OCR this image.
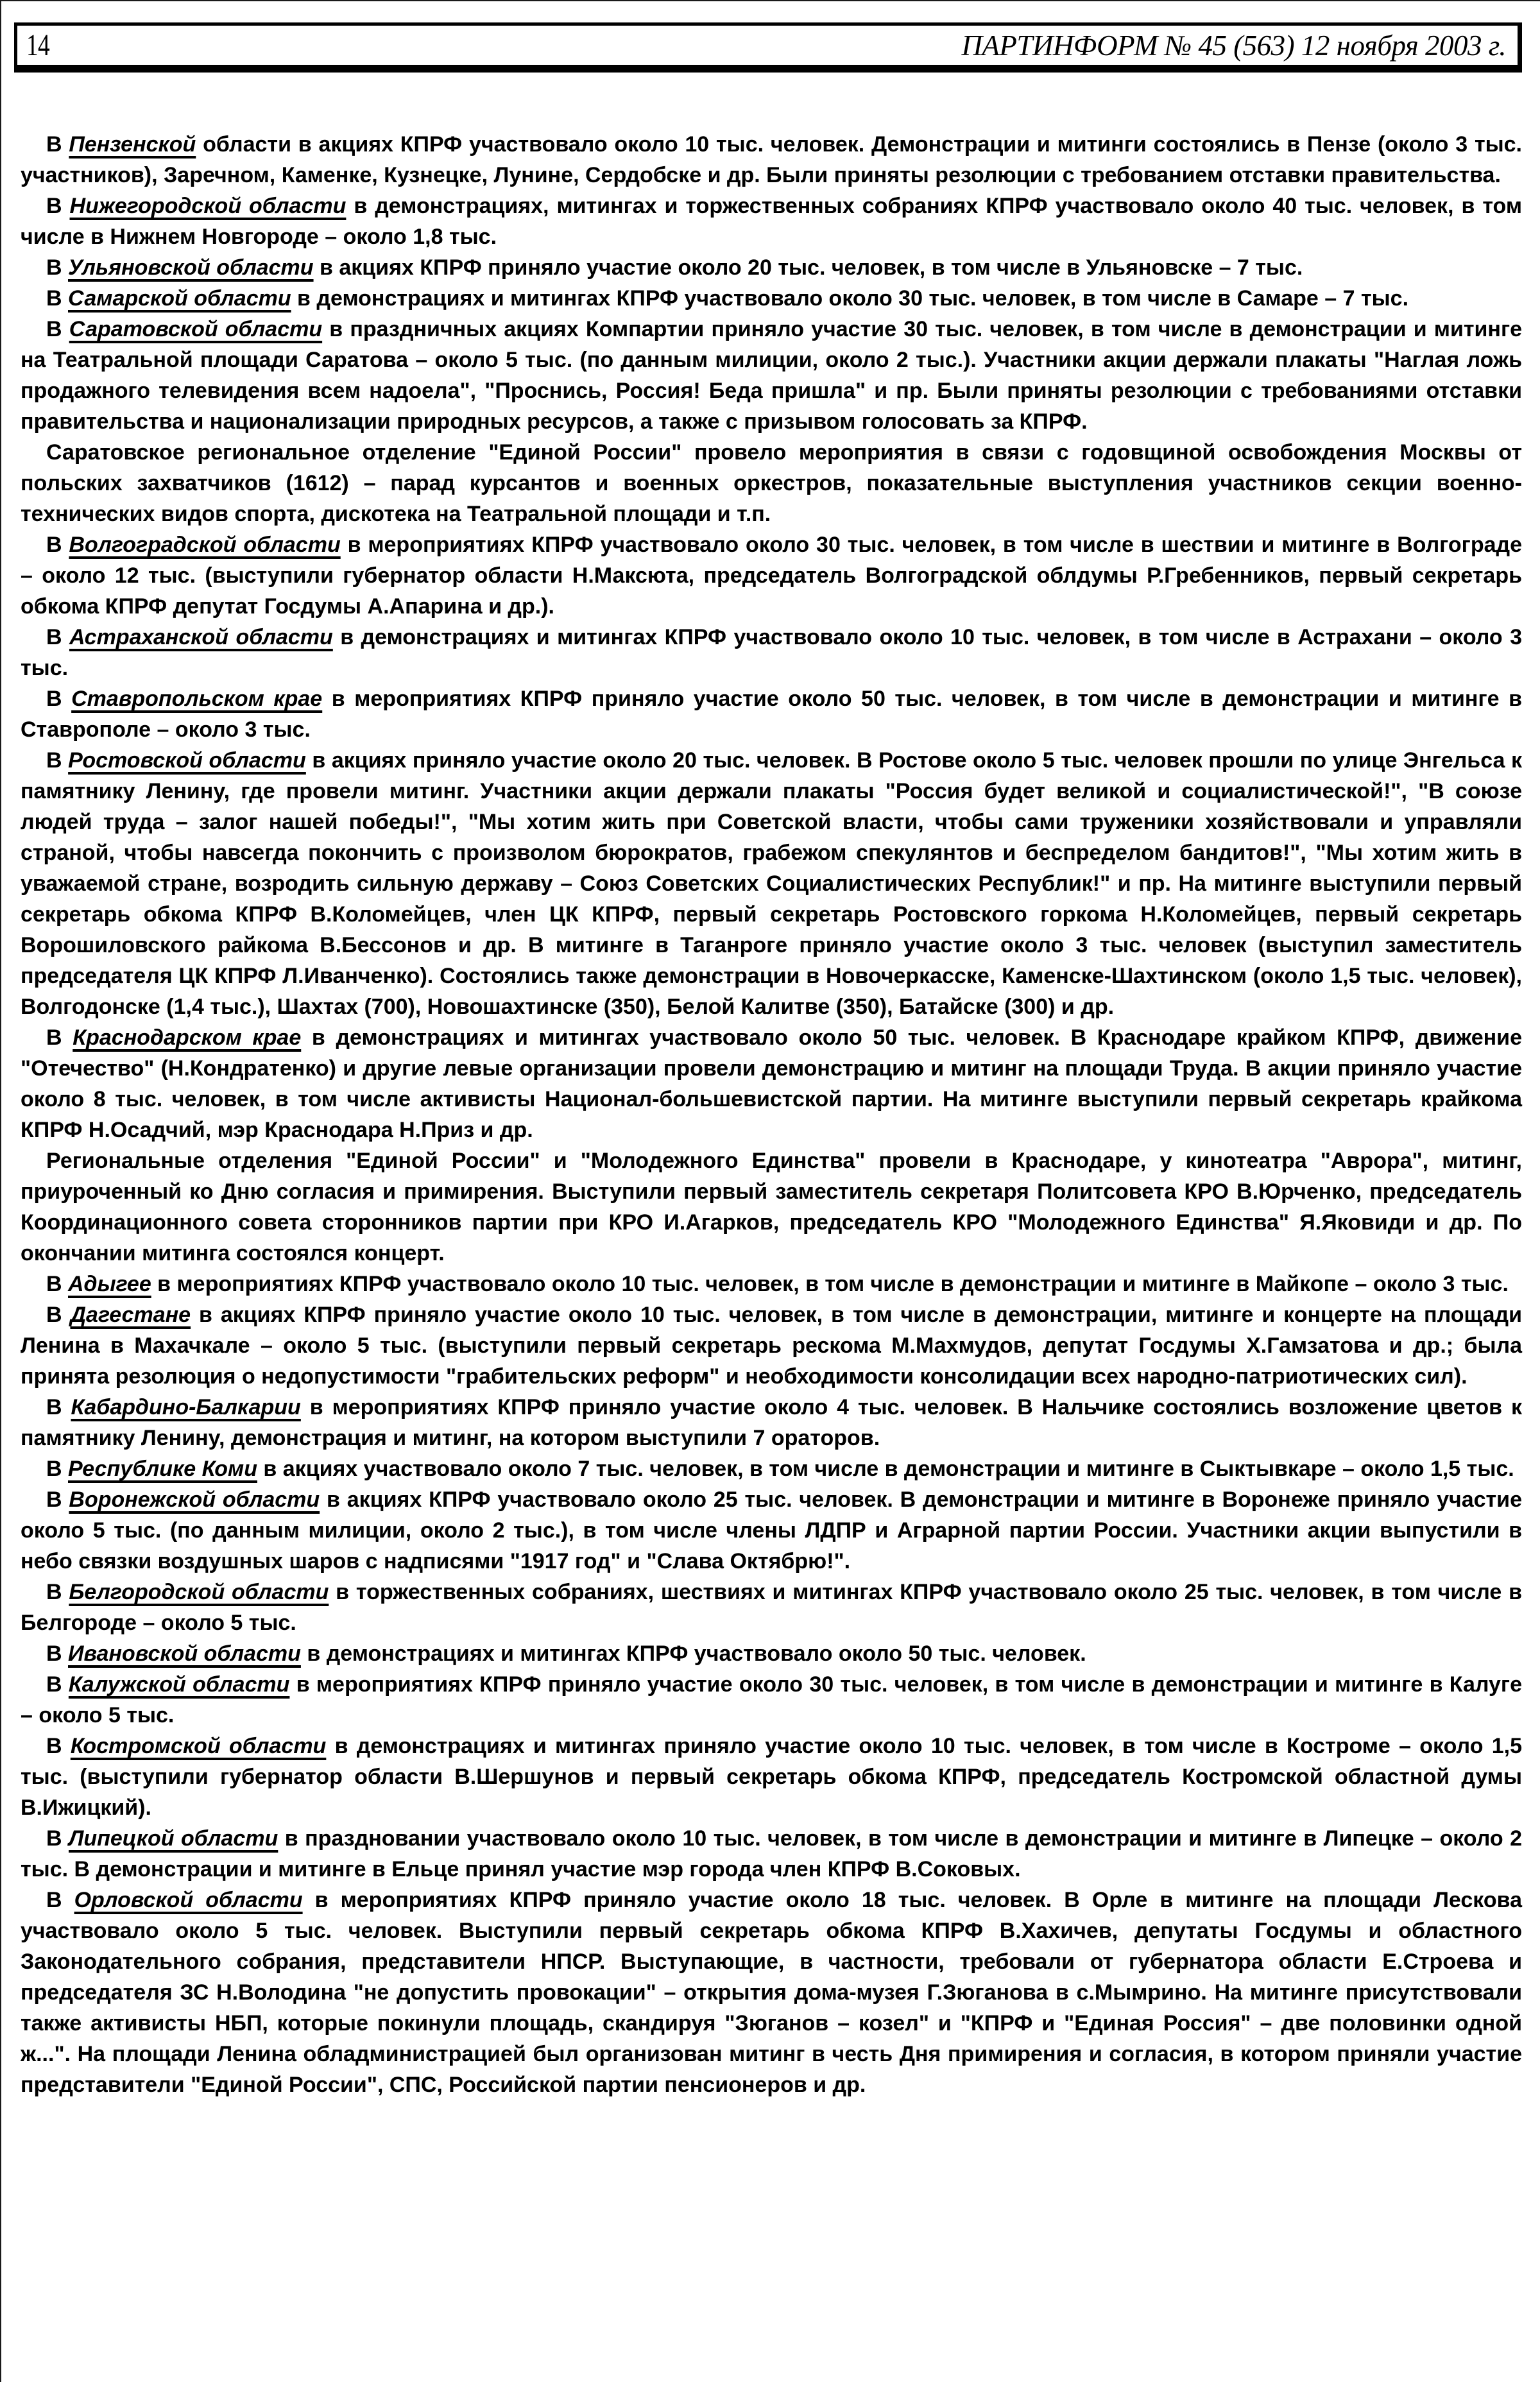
14	ПАРТИНФОРМ № 45 (563) 12 ноября 2003 г.

В Пензенской области в акциях КПРФ участвовало около 10 тыс. человек. Демонстрации и митинги состоялись в Пензе (около 3 тыс. участников), Заречном, Каменке, Кузнецке, Лунине, Сердобске и др. Были приняты резолюции с требованием отставки правительства.

В Нижегородской области в демонстрациях, митингах и торжественных собраниях КПРФ участвовало около 40 тыс. человек, в том числе в Нижнем Новгороде – около 1,8 тыс.

В Ульяновской области в акциях КПРФ приняло участие около 20 тыс. человек, в том числе в Ульяновске – 7 тыс.

В Самарской области в демонстрациях и митингах КПРФ участвовало около 30 тыс. человек, в том числе в Самаре – 7 тыс.

В Саратовской области в праздничных акциях Компартии приняло участие 30 тыс. человек, в том числе в демонстрации и митинге на Театральной площади Саратова – около 5 тыс. (по данным милиции, около 2 тыс.). Участники акции держали плакаты "Наглая ложь продажного телевидения всем надоела", "Проснись, Россия! Беда пришла" и пр. Были приняты резолюции с требованиями отставки правительства и национализации природных ресурсов, а также с призывом голосовать за КПРФ.

Саратовское региональное отделение "Единой России" провело мероприятия в связи с годовщиной освобождения Москвы от польских захватчиков (1612) – парад курсантов и военных оркестров, показательные выступления участников секции военно-технических видов спорта, дискотека на Театральной площади и т.п.

В Волгоградской области в мероприятиях КПРФ участвовало около 30 тыс. человек, в том числе в шествии и митинге в Волгограде – около 12 тыс. (выступили губернатор области Н.Максюта, председатель Волгоградской облдумы Р.Гребенников, первый секретарь обкома КПРФ депутат Госдумы А.Апарина и др.).

В Астраханской области в демонстрациях и митингах КПРФ участвовало около 10 тыс. человек, в том числе в Астрахани – около 3 тыс.

В Ставропольском крае в мероприятиях КПРФ приняло участие около 50 тыс. человек, в том числе в демонстрации и митинге в Ставрополе – около 3 тыс.

В Ростовской области в акциях приняло участие около 20 тыс. человек. В Ростове около 5 тыс. человек прошли по улице Энгельса к памятнику Ленину, где провели митинг. Участники акции держали плакаты "Россия будет великой и социалистической!", "В союзе людей труда – залог нашей победы!", "Мы хотим жить при Советской власти, чтобы сами труженики хозяйствовали и управляли страной, чтобы навсегда покончить с произволом бюрократов, грабежом спекулянтов и беспределом бандитов!", "Мы хотим жить в уважаемой стране, возродить сильную державу – Союз Советских Социалистических Республик!" и пр. На митинге выступили первый секретарь обкома КПРФ В.Коломейцев, член ЦК КПРФ, первый секретарь Ростовского горкома Н.Коломейцев, первый секретарь Ворошиловского райкома В.Бессонов и др. В митинге в Таганроге приняло участие около 3 тыс. человек (выступил заместитель председателя ЦК КПРФ Л.Иванченко). Состоялись также демонстрации в Новочеркасске, Каменске-Шахтинском (около 1,5 тыс. человек), Волгодонске (1,4 тыс.), Шахтах (700), Новошахтинске (350), Белой Калитве (350), Батайске (300) и др.

В Краснодарском крае в демонстрациях и митингах участвовало около 50 тыс. человек. В Краснодаре крайком КПРФ, движение "Отечество" (Н.Кондратенко) и другие левые организации провели демонстрацию и митинг на площади Труда. В акции приняло участие около 8 тыс. человек, в том числе активисты Национал-большевистской партии. На митинге выступили первый секретарь крайкома КПРФ Н.Осадчий, мэр Краснодара Н.Приз и др.

Региональные отделения "Единой России" и "Молодежного Единства" провели в Краснодаре, у кинотеатра "Аврора", митинг, приуроченный ко Дню согласия и примирения. Выступили первый заместитель секретаря Политсовета КРО В.Юрченко, председатель Координационного совета сторонников партии при КРО И.Агарков, председатель КРО "Молодежного Единства" Я.Яковиди и др. По окончании митинга состоялся концерт.

В Адыгее в мероприятиях КПРФ участвовало около 10 тыс. человек, в том числе в демонстрации и митинге в Майкопе – около 3 тыс.

В Дагестане в акциях КПРФ приняло участие около 10 тыс. человек, в том числе в демонстрации, митинге и концерте на площади Ленина в Махачкале – около 5 тыс. (выступили первый секретарь рескома М.Махмудов, депутат Госдумы Х.Гамзатова и др.; была принята резолюция о недопустимости "грабительских реформ" и необходимости консолидации всех народно-патриотических сил).

В Кабардино-Балкарии в мероприятиях КПРФ приняло участие около 4 тыс. человек. В Нальчике состоялись возложение цветов к памятнику Ленину, демонстрация и митинг, на котором выступили 7 ораторов.

В Республике Коми в акциях участвовало около 7 тыс. человек, в том числе в демонстрации и митинге в Сыктывкаре – около 1,5 тыс.

В Воронежской области в акциях КПРФ участвовало около 25 тыс. человек. В демонстрации и митинге в Воронеже приняло участие около 5 тыс. (по данным милиции, около 2 тыс.), в том числе члены ЛДПР и Аграрной партии России. Участники акции выпустили в небо связки воздушных шаров с надписями "1917 год" и "Слава Октябрю!".

В Белгородской области в торжественных собраниях, шествиях и митингах КПРФ участвовало около 25 тыс. человек, в том числе в Белгороде – около 5 тыс.

В Ивановской области в демонстрациях и митингах КПРФ участвовало около 50 тыс. человек.

В Калужской области в мероприятиях КПРФ приняло участие около 30 тыс. человек, в том числе в демонстрации и митинге в Калуге – около 5 тыс.

В Костромской области в демонстрациях и митингах приняло участие около 10 тыс. человек, в том числе в Костроме – около 1,5 тыс. (выступили губернатор области В.Шершунов и первый секретарь обкома КПРФ, председатель Костромской областной думы В.Ижицкий).

В Липецкой области в праздновании участвовало около 10 тыс. человек, в том числе в демонстрации и митинге в Липецке – около 2 тыс. В демонстрации и митинге в Ельце принял участие мэр города член КПРФ В.Соковых.

В Орловской области в мероприятиях КПРФ приняло участие около 18 тыс. человек. В Орле в митинге на площади Лескова участвовало около 5 тыс. человек. Выступили первый секретарь обкома КПРФ В.Хахичев, депутаты Госдумы и областного Законодательного собрания, представители НПСР. Выступающие, в частности, требовали от губернатора области Е.Строева и председателя ЗС Н.Володина "не допустить провокации" – открытия дома-музея Г.Зюганова в с.Мымрино. На митинге присутствовали также активисты НБП, которые покинули площадь, скандируя "Зюганов – козел" и "КПРФ и "Единая Россия" – две половинки одной ж...". На площади Ленина обладминистрацией был организован митинг в честь Дня примирения и согласия, в котором приняли участие представители "Единой России", СПС, Российской партии пенсионеров и др.
